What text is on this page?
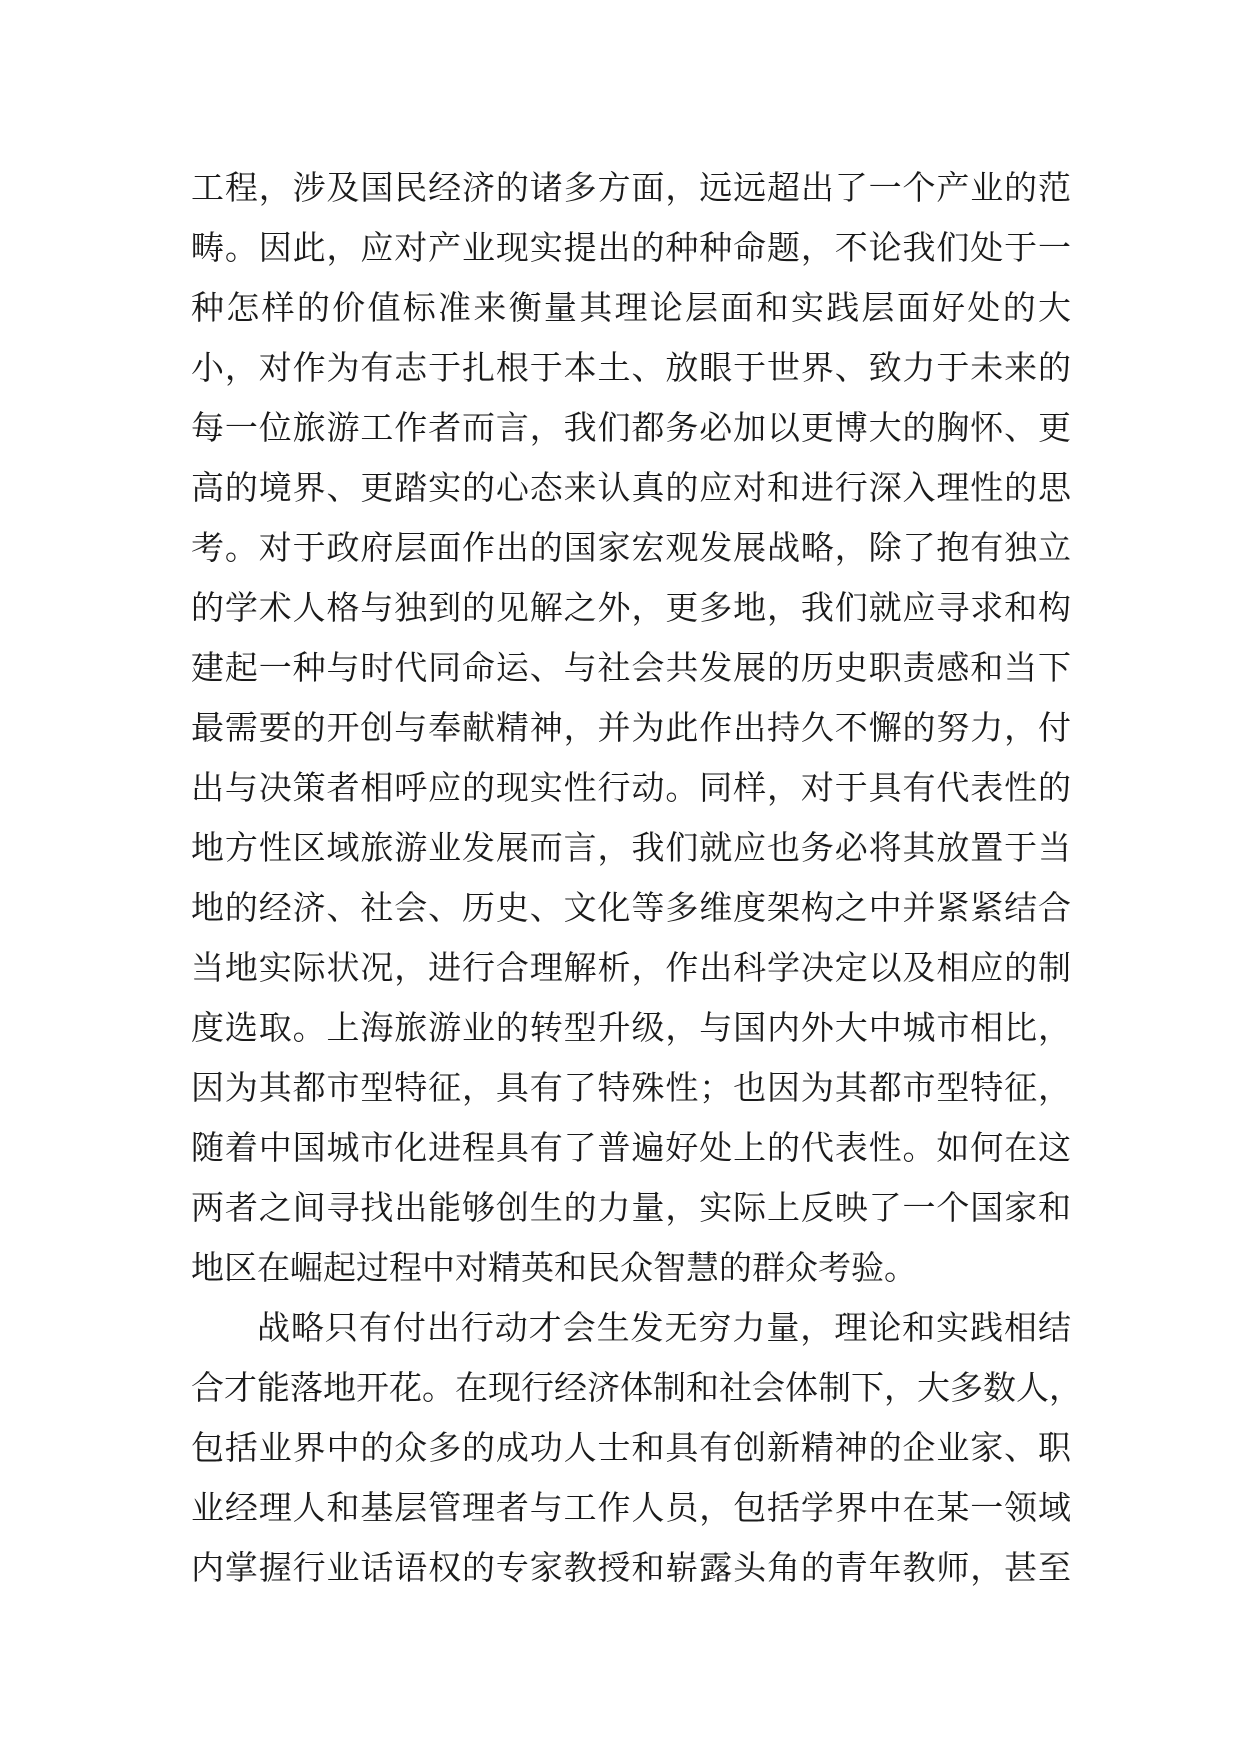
工程，涉及国民经济的诸多方面，远远超出了一个产业的范
畴。因此，应对产业现实提出的种种命题，不论我们处于一
种怎样的价值标准来衡量其理论层面和实践层面好处的大
小，对作为有志于扎根于本土、放眼于世界、致力于未来的
每一位旅游工作者而言，我们都务必加以更博大的胸怀、更
高的境界、更踏实的心态来认真的应对和进行深入理性的思
考。对于政府层面作出的国家宏观发展战略，除了抱有独立
的学术人格与独到的见解之外，更多地，我们就应寻求和构
建起一种与时代同命运、与社会共发展的历史职责感和当下
最需要的开创与奉献精神，并为此作出持久不懈的努力，付
出与决策者相呼应的现实性行动。同样，对于具有代表性的
地方性区域旅游业发展而言，我们就应也务必将其放置于当
地的经济、社会、历史、文化等多维度架构之中并紧紧结合
当地实际状况，进行合理解析，作出科学决定以及相应的制
度选取。上海旅游业的转型升级，与国内外大中城市相比，
因为其都市型特征，具有了特殊性；也因为其都市型特征，
随着中国城市化进程具有了普遍好处上的代表性。如何在这
两者之间寻找出能够创生的力量，实际上反映了一个国家和
地区在崛起过程中对精英和民众智慧的群众考验。
战略只有付出行动才会生发无穷力量，理论和实践相结
合才能落地开花。在现行经济体制和社会体制下，大多数人，
包括业界中的众多的成功人士和具有创新精神的企业家、职
业经理人和基层管理者与工作人员，包括学界中在某一领域
内掌握行业话语权的专家教授和崭露头角的青年教师，甚至
